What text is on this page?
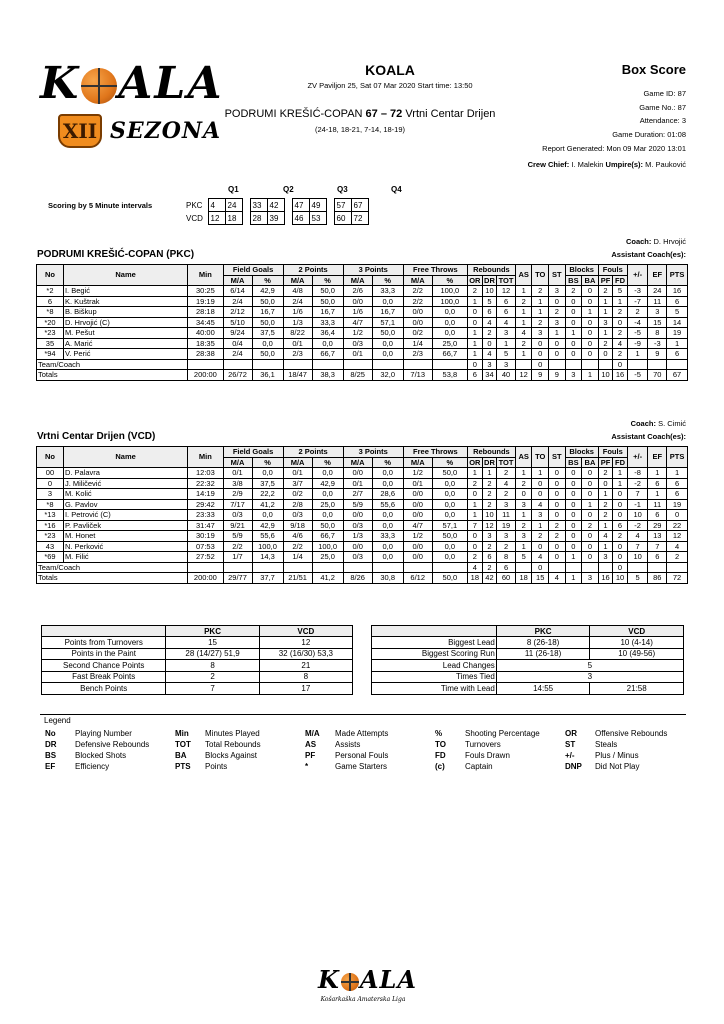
K ALA
XII SEZONA
KOALA
ZV Paviljon 25, Sat 07 Mar 2020 Start time: 13:50
PODRUMI KREŠIĆ-COPAN 67 – 72 Vrtni Centar Drijen
(24-18, 18-21, 7-14, 18-19)
Box Score
Game ID: 87
Game No.: 87
Attendance: 3
Game Duration: 01:08
Report Generated: Mon 09 Mar 2020 13:01
Crew Chief: I. Malekin Umpire(s): M. Pauković
Scoring by 5 Minute intervals
Q1	Q2	Q3	Q4
PKC	4	24		33	42		47	49		57	67
VCD	12	18		28	39		46	53		60	72
Coach: D. Hrvojić
PODRUMI KREŠIĆ-COPAN (PKC)	Assistant Coach(es):
No	Name	Min	Field Goals		2 Points		3 Points		Free Throws		Rebounds			AS	TO	ST	Blocks		Fouls		+/-	EF	PTS
			M/A	%	M/A	%	M/A	%	M/A	%	OR	DR	TOT				BS	BA	PF	FD			
*2	I. Begić	30:25	6/14	42,9	4/8	50,0	2/6	33,3	2/2	100,0	2	10	12	1	2	3	2	0	2	5	-3	24	16
6	K. Kuštrak	19:19	2/4	50,0	2/4	50,0	0/0	0,0	2/2	100,0	1	5	6	2	1	0	0	0	1	1	-7	11	6
*8	B. Biškup	28:18	2/12	16,7	1/6	16,7	1/6	16,7	0/0	0,0	0	6	6	1	1	2	0	1	1	2	2	3	5
*20	D. Hrvojić (C)	34:45	5/10	50,0	1/3	33,3	4/7	57,1	0/0	0,0	0	4	4	1	2	3	0	0	3	0	-4	15	14
*23	M. Pešut	40:00	9/24	37,5	8/22	36,4	1/2	50,0	0/2	0,0	1	2	3	4	3	1	1	0	1	2	-5	8	19
35	A. Marić	18:35	0/4	0,0	0/1	0,0	0/3	0,0	1/4	25,0	1	0	1	2	0	0	0	0	2	4	-9	-3	1
*94	V. Perić	28:38	2/4	50,0	2/3	66,7	0/1	0,0	2/3	66,7	1	4	5	1	0	0	0	0	0	2	1	9	6
Team/Coach											0	3	3		0					0			
Totals		200:00	26/72	36,1	18/47	38,3	8/25	32,0	7/13	53,8	6	34	40	12	9	9	3	1	10	16	-5	70	67
Coach: S. Cimić
Vrtni Centar Drijen (VCD)	Assistant Coach(es):
No	Name	Min	Field Goals		2 Points		3 Points		Free Throws		Rebounds			AS	TO	ST	Blocks		Fouls		+/-	EF	PTS
			M/A	%	M/A	%	M/A	%	M/A	%	OR	DR	TOT				BS	BA	PF	FD			
00	D. Palavra	12:03	0/1	0,0	0/1	0,0	0/0	0,0	1/2	50,0	1	1	2	1	1	0	0	0	2	1	-8	1	1
0	J. Miličević	22:32	3/8	37,5	3/7	42,9	0/1	0,0	0/1	0,0	2	2	4	2	0	0	0	0	0	1	-2	6	6
3	M. Kolić	14:19	2/9	22,2	0/2	0,0	2/7	28,6	0/0	0,0	0	2	2	0	0	0	0	0	1	0	7	1	6
*8	G. Pavlov	29:42	7/17	41,2	2/8	25,0	5/9	55,6	0/0	0,0	1	2	3	3	4	0	0	1	2	0	-1	11	19
*13	I. Petrović (C)	23:33	0/3	0,0	0/3	0,0	0/0	0,0	0/0	0,0	1	10	11	1	3	0	0	0	2	0	10	6	0
*16	P. Pavliček	31:47	9/21	42,9	9/18	50,0	0/3	0,0	4/7	57,1	7	12	19	2	1	2	0	2	1	6	-2	29	22
*23	M. Honet	30:19	5/9	55,6	4/6	66,7	1/3	33,3	1/2	50,0	0	3	3	3	2	2	0	0	4	2	4	13	12
43	N. Perković	07:53	2/2	100,0	2/2	100,0	0/0	0,0	0/0	0,0	0	2	2	1	0	0	0	0	1	0	7	7	4
*69	M. Filić	27:52	1/7	14,3	1/4	25,0	0/3	0,0	0/0	0,0	2	6	8	5	4	0	1	0	3	0	10	6	2
Team/Coach											4	2	6		0					0			
Totals		200:00	29/77	37,7	21/51	41,2	8/26	30,8	6/12	50,0	18	42	60	18	15	4	1	3	16	10	5	86	72
	PKC	VCD
Points from Turnovers	15	12
Points in the Paint	28 (14/27) 51,9	32 (16/30) 53,3
Second Chance Points	8	21
Fast Break Points	2	8
Bench Points	7	17
	PKC	VCD
Biggest Lead	8 (26-18)	10 (4-14)
Biggest Scoring Run	11 (26-18)	10 (49-56)
Lead Changes	5	
Times Tied	3	
Time with Lead	14:55	21:58
Legend
No	Playing Number	Min	Minutes Played	M/A	Made Attempts	%	Shooting Percentage	OR	Offensive Rebounds
DR	Defensive Rebounds	TOT	Total Rebounds	AS	Assists	TO	Turnovers	ST	Steals
BS	Blocked Shots	BA	Blocks Against	PF	Personal Fouls	FD	Fouls Drawn	+/-	Plus / Minus
EF	Efficiency	PTS	Points	*	Game Starters	(c)	Captain	DNP	Did Not Play
K ALA
Košarkaška Amaterska Liga
